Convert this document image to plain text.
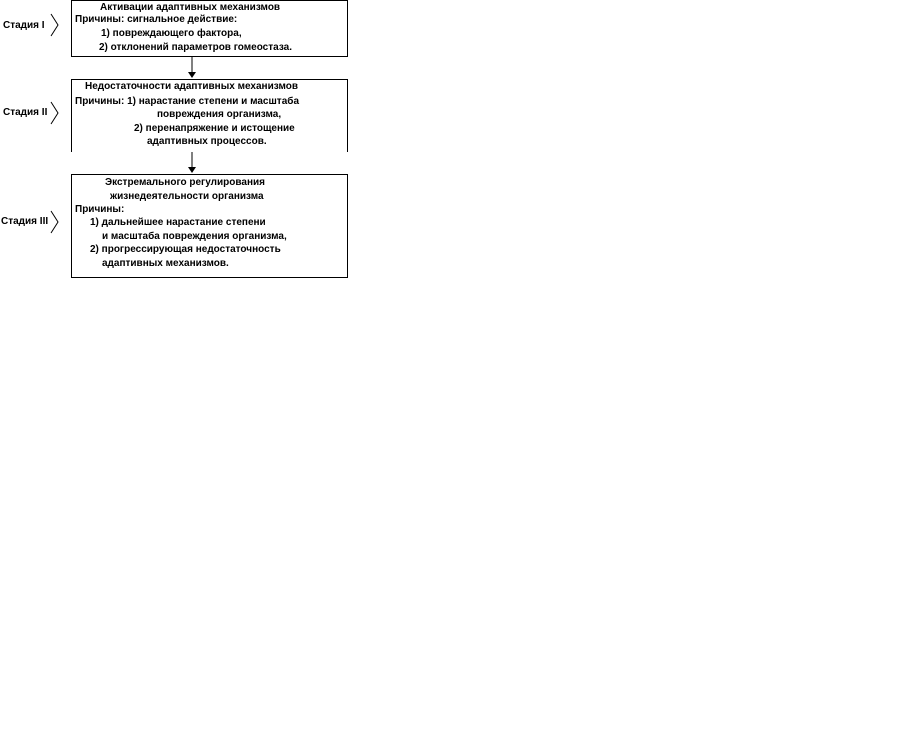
Стадия I
Активации адаптивных механизмов
Причины: сигнальное действие:
1) повреждающего фактора,
2) отклонений параметров гомеостаза.
Стадия II
Недостаточности адаптивных механизмов
Причины: 1) нарастание степени и масштаба
повреждения организма,
2) перенапряжение и истощение
адаптивных процессов.
Стадия III
Экстремального регулирования
жизнедеятельности организма
Причины:
1) дальнейшее нарастание степени
и масштаба повреждения организма,
2) прогрессирующая недостаточность
адаптивных механизмов.
